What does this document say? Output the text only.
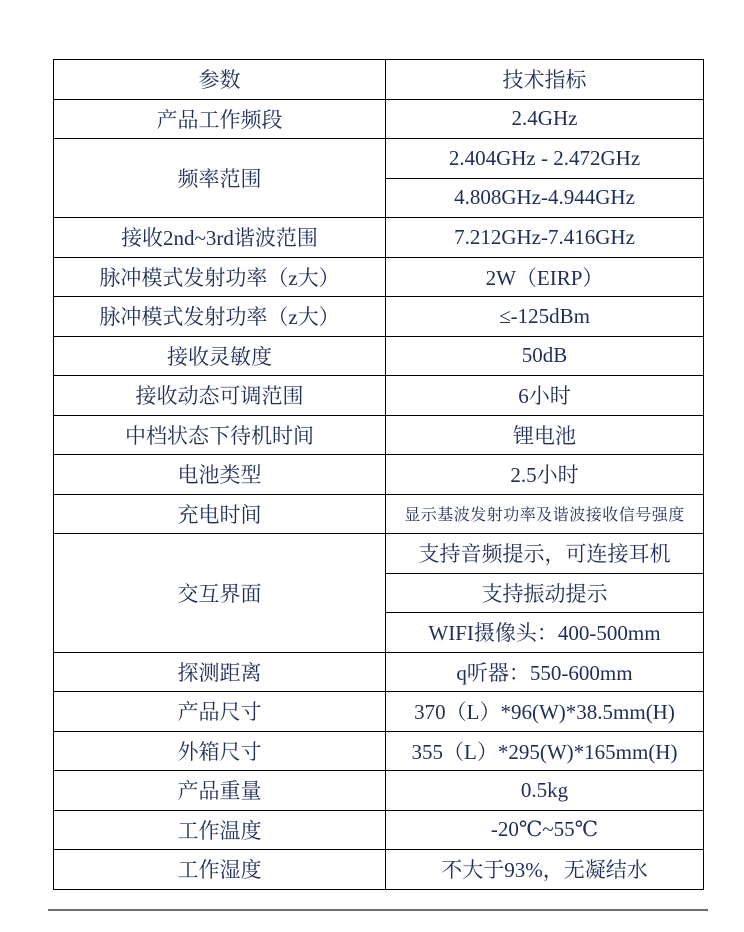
参数	技术指标
产品工作频段	2.4GHz
频率范围	2.404GHz - 2.472GHz
	4.808GHz-4.944GHz
接收2nd~3rd谐波范围	7.212GHz-7.416GHz
脉冲模式发射功率（z大）	2W（EIRP）
脉冲模式发射功率（z大）	≤-125dBm
接收灵敏度	50dB
接收动态可调范围	6小时
中档状态下待机时间	锂电池
电池类型	2.5小时
充电时间	显示基波发射功率及谐波接收信号强度
交互界面	支持音频提示，可连接耳机
	支持振动提示
	WIFI摄像头：400-500mm
探测距离	q听器：550-600mm
产品尺寸	370（L）*96(W)*38.5mm(H)
外箱尺寸	355（L）*295(W)*165mm(H)
产品重量	0.5kg
工作温度	-20℃~55℃
工作湿度	不大于93%，无凝结水
